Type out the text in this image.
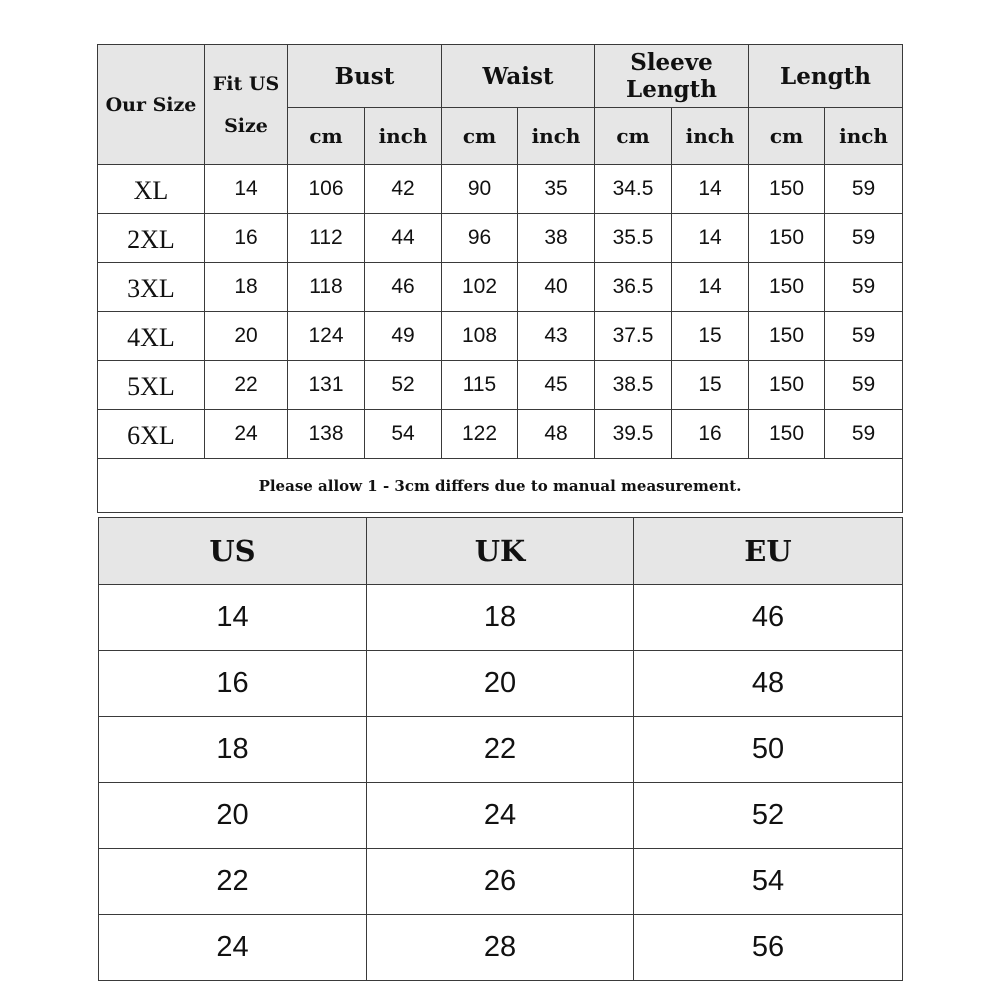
Our Size	Fit US Size	Bust		Waist		Sleeve Length		Length	
		cm	inch	cm	inch	cm	inch	cm	inch
XL	14	106	42	90	35	34.5	14	150	59
2XL	16	112	44	96	38	35.5	14	150	59
3XL	18	118	46	102	40	36.5	14	150	59
4XL	20	124	49	108	43	37.5	15	150	59
5XL	22	131	52	115	45	38.5	15	150	59
6XL	24	138	54	122	48	39.5	16	150	59
Please allow 1 - 3cm differs due to manual measurement.									
US	UK	EU
14	18	46
16	20	48
18	22	50
20	24	52
22	26	54
24	28	56
